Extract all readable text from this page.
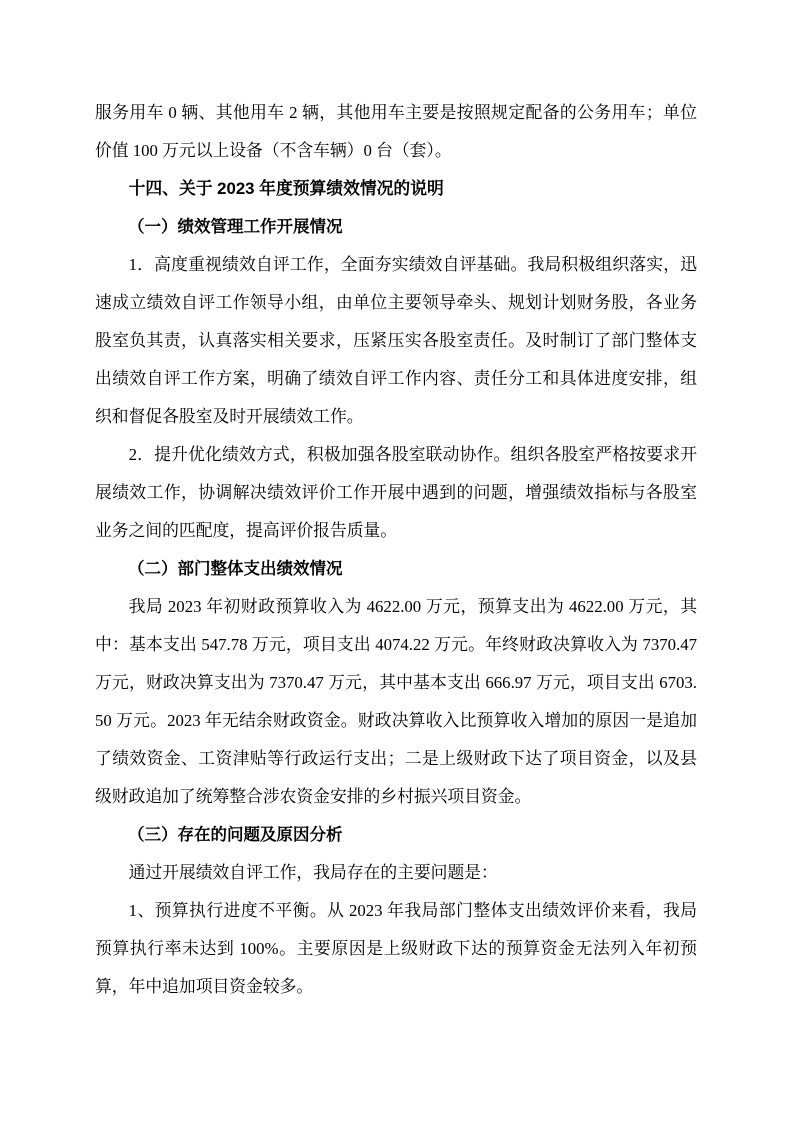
服务用车 0 辆、其他用车 2 辆，其他用车主要是按照规定配备的公务用车；单位价值 100 万元以上设备（不含车辆）0 台（套）。

十四、关于 2023 年度预算绩效情况的说明

（一）绩效管理工作开展情况

1．高度重视绩效自评工作，全面夯实绩效自评基础。我局积极组织落实，迅速成立绩效自评工作领导小组，由单位主要领导牵头、规划计划财务股，各业务股室负其责，认真落实相关要求，压紧压实各股室责任。及时制订了部门整体支出绩效自评工作方案，明确了绩效自评工作内容、责任分工和具体进度安排，组织和督促各股室及时开展绩效工作。

2．提升优化绩效方式，积极加强各股室联动协作。组织各股室严格按要求开展绩效工作，协调解决绩效评价工作开展中遇到的问题，增强绩效指标与各股室业务之间的匹配度，提高评价报告质量。

（二）部门整体支出绩效情况

我局 2023 年初财政预算收入为 4622.00 万元，预算支出为 4622.00 万元，其中：基本支出 547.78 万元，项目支出 4074.22 万元。年终财政决算收入为 7370.47 万元，财政决算支出为 7370.47 万元，其中基本支出 666.97 万元，项目支出 6703.50 万元。2023 年无结余财政资金。财政决算收入比预算收入增加的原因一是追加了绩效资金、工资津贴等行政运行支出；二是上级财政下达了项目资金，以及县级财政追加了统筹整合涉农资金安排的乡村振兴项目资金。

（三）存在的问题及原因分析

通过开展绩效自评工作，我局存在的主要问题是：

1、预算执行进度不平衡。从 2023 年我局部门整体支出绩效评价来看，我局预算执行率未达到 100%。主要原因是上级财政下达的预算资金无法列入年初预算，年中追加项目资金较多。
